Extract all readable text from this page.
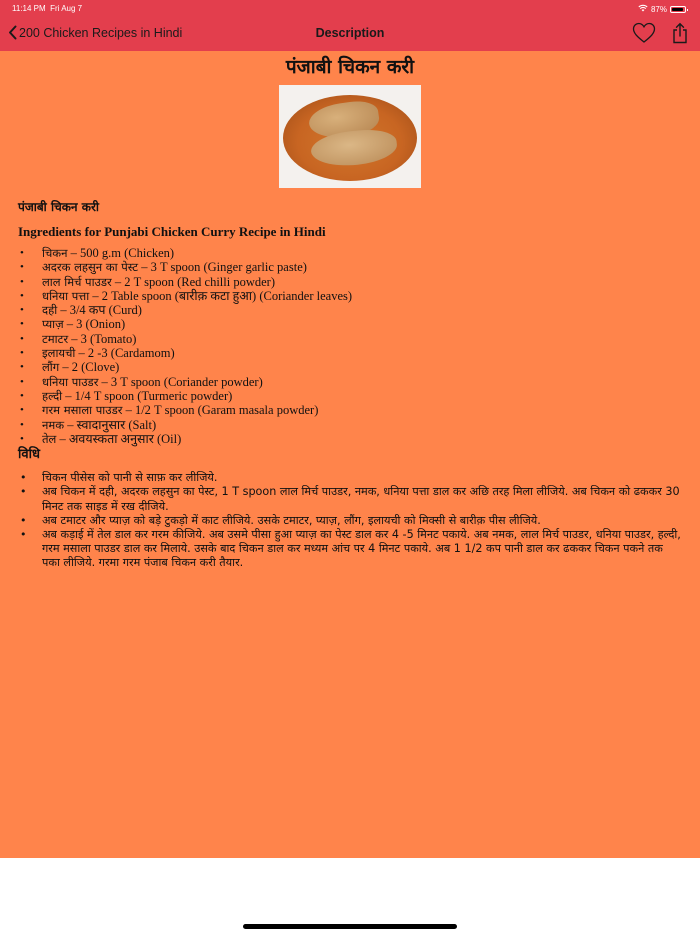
11:14 PM Fri Aug 7	87%
200 Chicken Recipes in Hindi	Description
पंजाबी चिकन करी
पंजाबी चिकन करी
Ingredients for Punjabi Chicken Curry Recipe in Hindi
• चिकन – 500 g.m (Chicken)
• अदरक लहसुन का पेस्ट – 3 T spoon (Ginger garlic paste)
• लाल मिर्च पाउडर – 2 T spoon (Red chilli powder)
• धनिया पत्ता – 2 Table spoon (बारीक़ कटा हुआ) (Coriander leaves)
• दही – 3/4 कप (Curd)
• प्याज़ – 3 (Onion)
• टमाटर – 3 (Tomato)
• इलायची – 2 -3 (Cardamom)
• लौंग – 2 (Clove)
• धनिया पाउडर – 3 T spoon (Coriander powder)
• हल्दी – 1/4 T spoon (Turmeric powder)
• गरम मसाला पाउडर – 1/2 T spoon (Garam masala powder)
• नमक – स्वादानुसार (Salt)
• तेल – अवयस्कता अनुसार (Oil)
विधि
• चिकन पीसेस को पानी से साफ़ कर लीजिये.
• अब चिकन में दही, अदरक लहसुन का पेस्ट, 1 T spoon लाल मिर्च पाउडर, नमक, धनिया पत्ता डाल कर अछि तरह मिला लीजिये. अब चिकन को ढककर 30 मिनट तक साइड में रख दीजिये.
• अब टमाटर और प्याज़ को बड़े टुकड़ो में काट लीजिये. उसके टमाटर, प्याज़, लौंग, इलायची को मिक्सी से बारीक़ पीस लीजिये.
• अब कड़ाई में तेल डाल कर गरम कीजिये. अब उसमे पीसा हुआ प्याज़ का पेस्ट डाल कर 4 -5 मिनट पकाये. अब नमक, लाल मिर्च पाउडर, धनिया पाउडर, हल्दी, गरम मसाला पाउडर डाल कर मिलाये. उसके बाद चिकन डाल कर मध्यम आंच पर 4 मिनट पकाये. अब 1 1/2 कप पानी डाल कर ढककर चिकन पकने तक पका लीजिये. गरमा गरम पंजाब चिकन करी तैयार.
